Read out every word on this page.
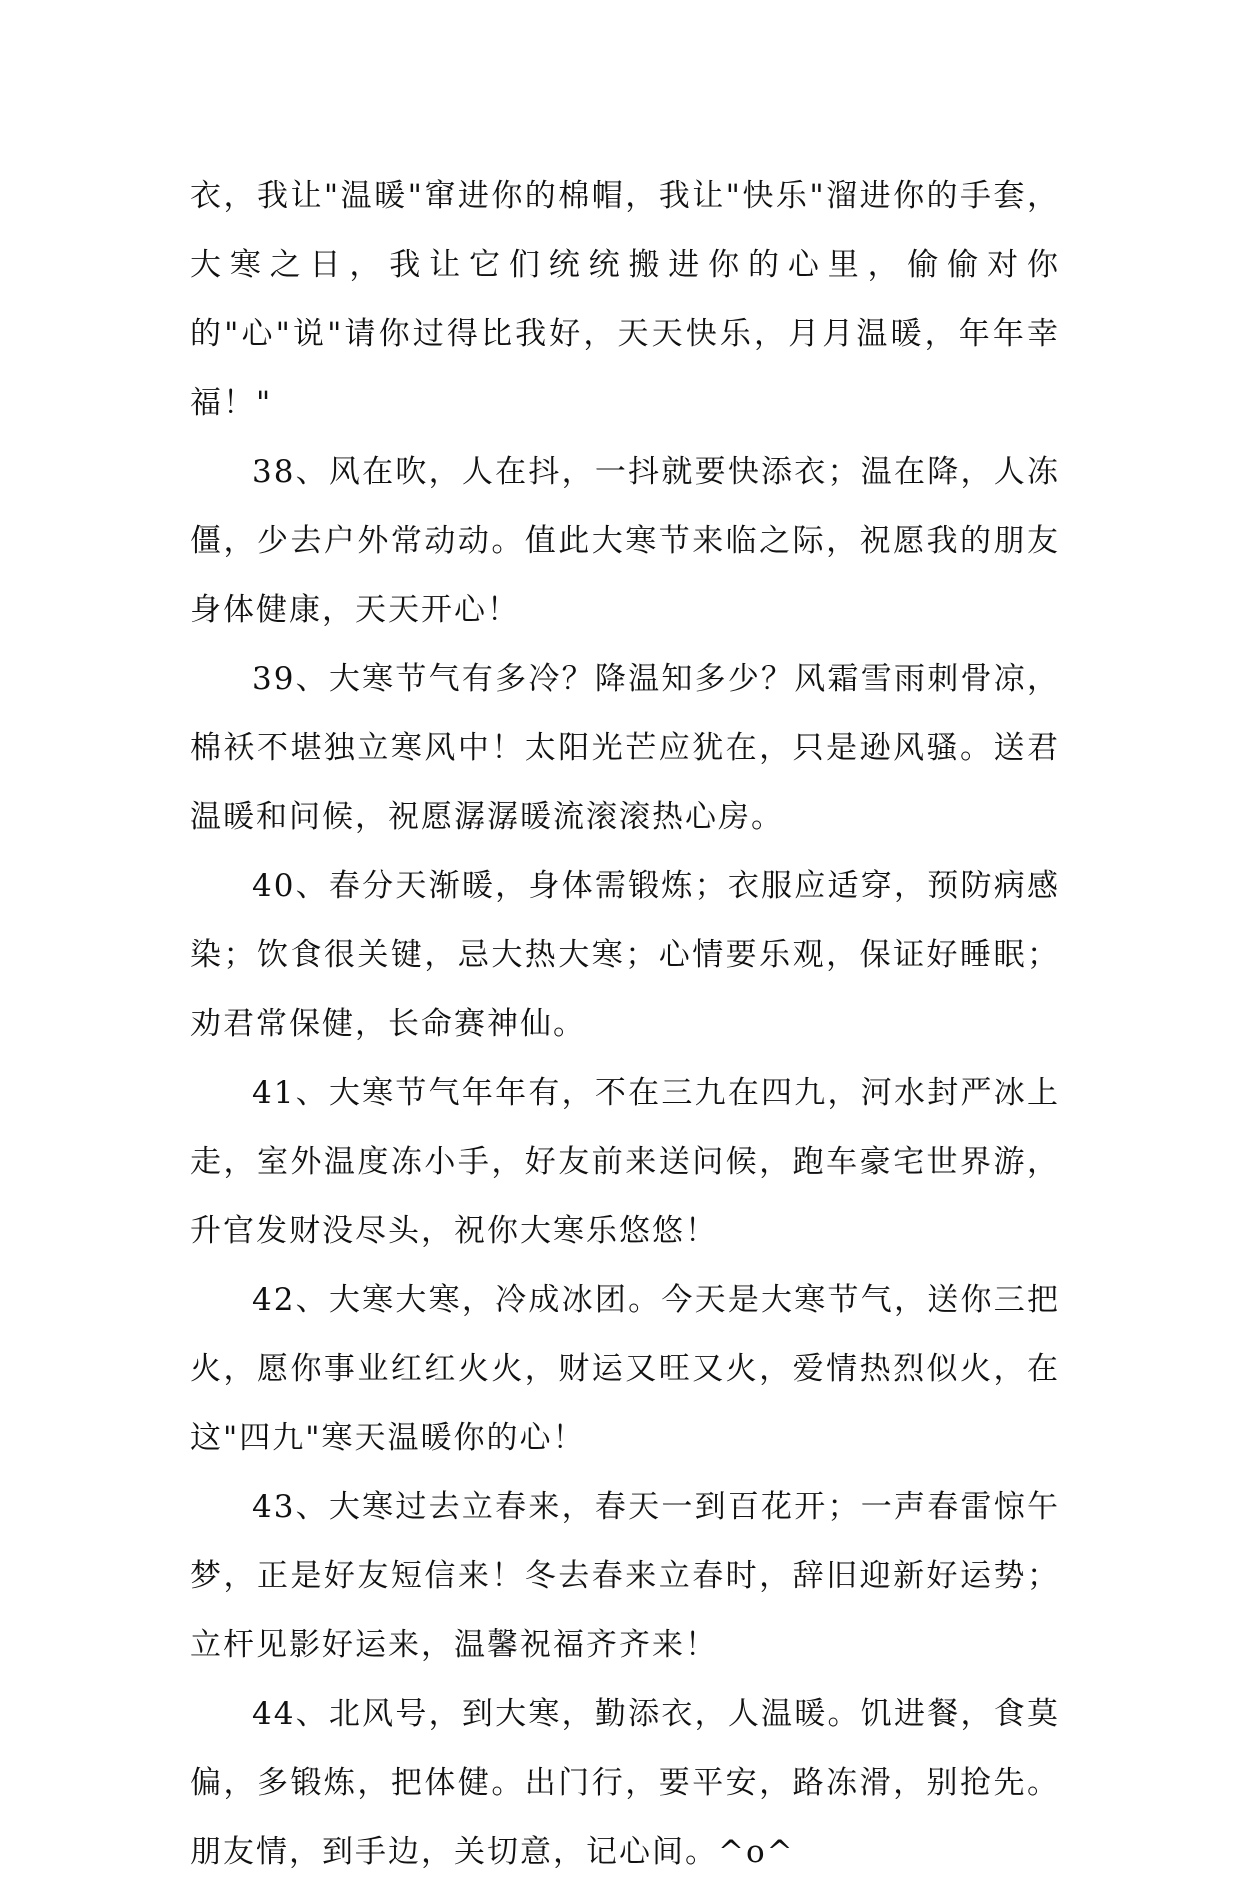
衣，我让"温暖"窜进你的棉帽，我让"快乐"溜进你的手套，大寒之日，我让它们统统搬进你的心里，偷偷对你的"心"说"请你过得比我好，天天快乐，月月温暖，年年幸福！"

38、风在吹，人在抖，一抖就要快添衣；温在降，人冻僵，少去户外常动动。值此大寒节来临之际，祝愿我的朋友身体健康，天天开心！

39、大寒节气有多冷？降温知多少？风霜雪雨刺骨凉，棉袄不堪独立寒风中！太阳光芒应犹在，只是逊风骚。送君温暖和问候，祝愿潺潺暖流滚滚热心房。

40、春分天渐暖，身体需锻炼；衣服应适穿，预防病感染；饮食很关键，忌大热大寒；心情要乐观，保证好睡眠；劝君常保健，长命赛神仙。

41、大寒节气年年有，不在三九在四九，河水封严冰上走，室外温度冻小手，好友前来送问候，跑车豪宅世界游，升官发财没尽头，祝你大寒乐悠悠！

42、大寒大寒，冷成冰团。今天是大寒节气，送你三把火，愿你事业红红火火，财运又旺又火，爱情热烈似火，在这"四九"寒天温暖你的心！

43、大寒过去立春来，春天一到百花开；一声春雷惊午梦，正是好友短信来！冬去春来立春时，辞旧迎新好运势；立杆见影好运来，温馨祝福齐齐来！

44、北风号，到大寒，勤添衣，人温暖。饥进餐，食莫偏，多锻炼，把体健。出门行，要平安，路冻滑，别抢先。朋友情，到手边，关切意，记心间。^o^
